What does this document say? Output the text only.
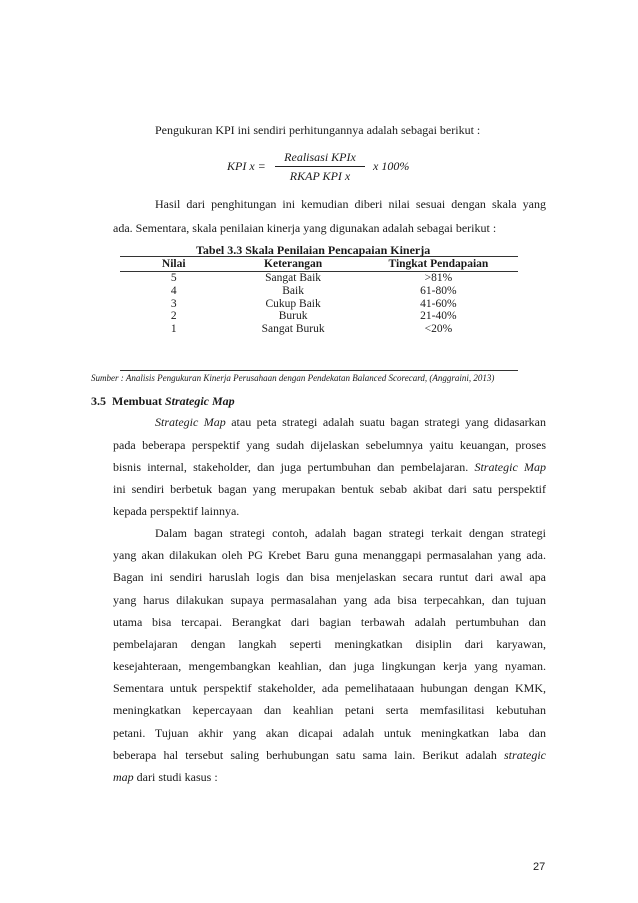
Pengukuran KPI ini sendiri perhitungannya adalah sebagai berikut :
KPI x =
Realisasi KPIx
RKAP KPI x
x 100%
Hasil dari penghitungan ini kemudian diberi nilai sesuai dengan skala yang
ada. Sementara, skala penilaian kinerja yang digunakan adalah sebagai berikut :
Tabel 3.3 Skala Penilaian Pencapaian Kinerja
Nilai	Keterangan	Tingkat Pendapaian
5	Sangat Baik	>81%
4	Baik	61-80%
3	Cukup Baik	41-60%
2	Buruk	21-40%
1	Sangat Buruk	<20%
Sumber : Analisis Pengukuran Kinerja Perusahaan dengan Pendekatan Balanced Scorecard, (Anggraini, 2013)
3.5 Membuat Strategic Map
Strategic Map atau peta strategi adalah suatu bagan strategi yang didasarkan
pada beberapa perspektif yang sudah dijelaskan sebelumnya yaitu keuangan, proses
bisnis internal, stakeholder, dan juga pertumbuhan dan pembelajaran. Strategic Map
ini sendiri berbetuk bagan yang merupakan bentuk sebab akibat dari satu perspektif
kepada perspektif lainnya.
Dalam bagan strategi contoh, adalah bagan strategi terkait dengan strategi
yang akan dilakukan oleh PG Krebet Baru guna menanggapi permasalahan yang ada.
Bagan ini sendiri haruslah logis dan bisa menjelaskan secara runtut dari awal apa
yang harus dilakukan supaya permasalahan yang ada bisa terpecahkan, dan tujuan
utama bisa tercapai. Berangkat dari bagian terbawah adalah pertumbuhan dan
pembelajaran dengan langkah seperti meningkatkan disiplin dari karyawan,
kesejahteraan, mengembangkan keahlian, dan juga lingkungan kerja yang nyaman.
Sementara untuk perspektif stakeholder, ada pemelihataaan hubungan dengan KMK,
meningkatkan kepercayaan dan keahlian petani serta memfasilitasi kebutuhan
petani. Tujuan akhir yang akan dicapai adalah untuk meningkatkan laba dan
beberapa hal tersebut saling berhubungan satu sama lain. Berikut adalah strategic
map dari studi kasus :
27
